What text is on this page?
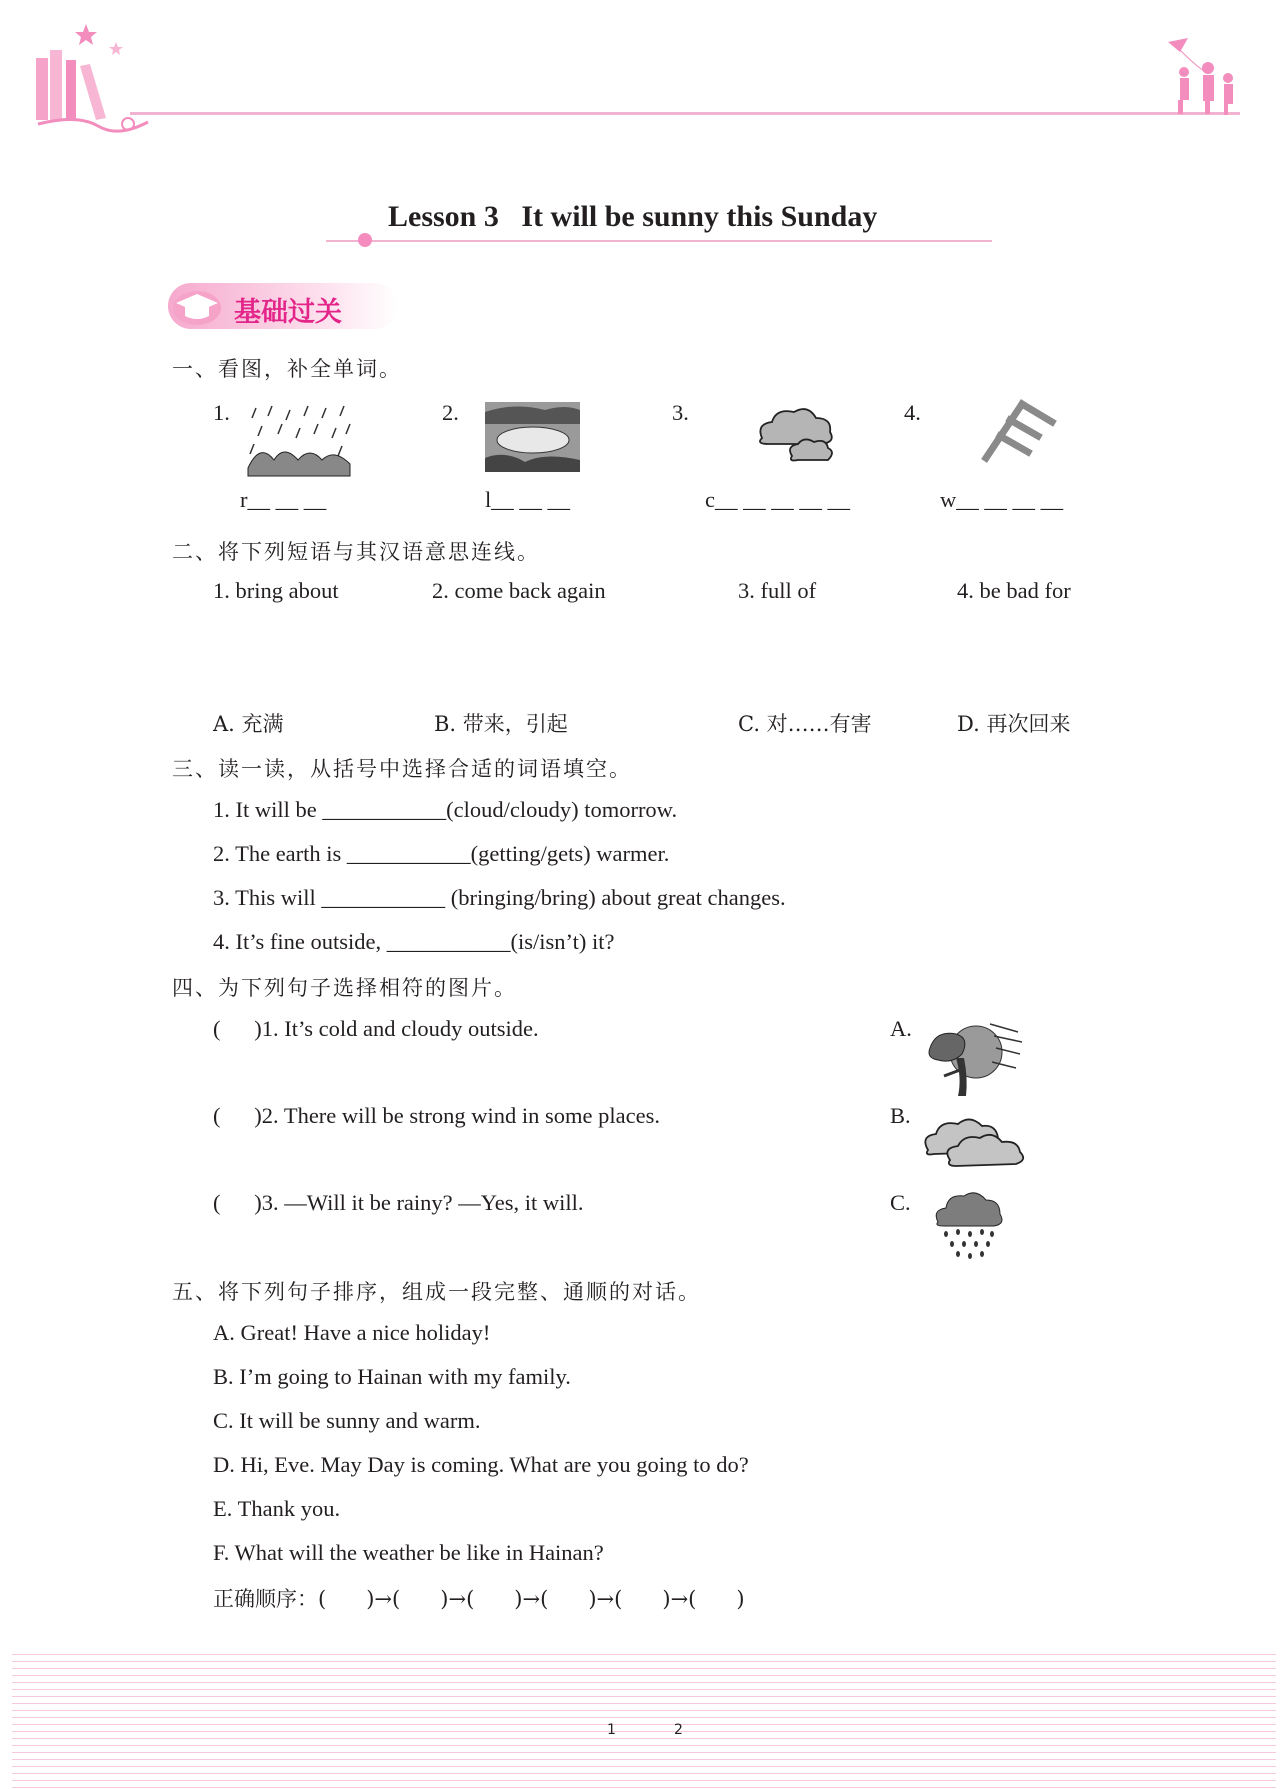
Lesson 3   It will be sunny this Sunday
基础过关
一、看图，补全单词。
1.
r__ __ __
2.
l__ __ __
3.
c__ __ __ __ __
4.
w__ __ __ __
二、将下列短语与其汉语意思连线。
1. bring about	2. come back again	3. full of	4. be bad for
A. 充满	B. 带来，引起	C. 对……有害	D. 再次回来
三、读一读，从括号中选择合适的词语填空。
1. It will be ___________(cloud/cloudy) tomorrow.
2. The earth is ___________(getting/gets) warmer.
3. This will ___________ (bringing/bring) about great changes.
4. It’s fine outside, ___________(is/isn’t) it?
四、为下列句子选择相符的图片。
(      )1. It’s cold and cloudy outside.
(      )2. There will be strong wind in some places.
(      )3. —Will it be rainy? —Yes, it will.
A.
B.
C.
五、将下列句子排序，组成一段完整、通顺的对话。
A. Great! Have a nice holiday!
B. I’m going to Hainan with my family.
C. It will be sunny and warm.
D. Hi, Eve. May Day is coming. What are you going to do?
E. Thank you.
F. What will the weather be like in Hainan?
正确顺序：(      )→(      )→(      )→(      )→(      )→(      )
1	2
